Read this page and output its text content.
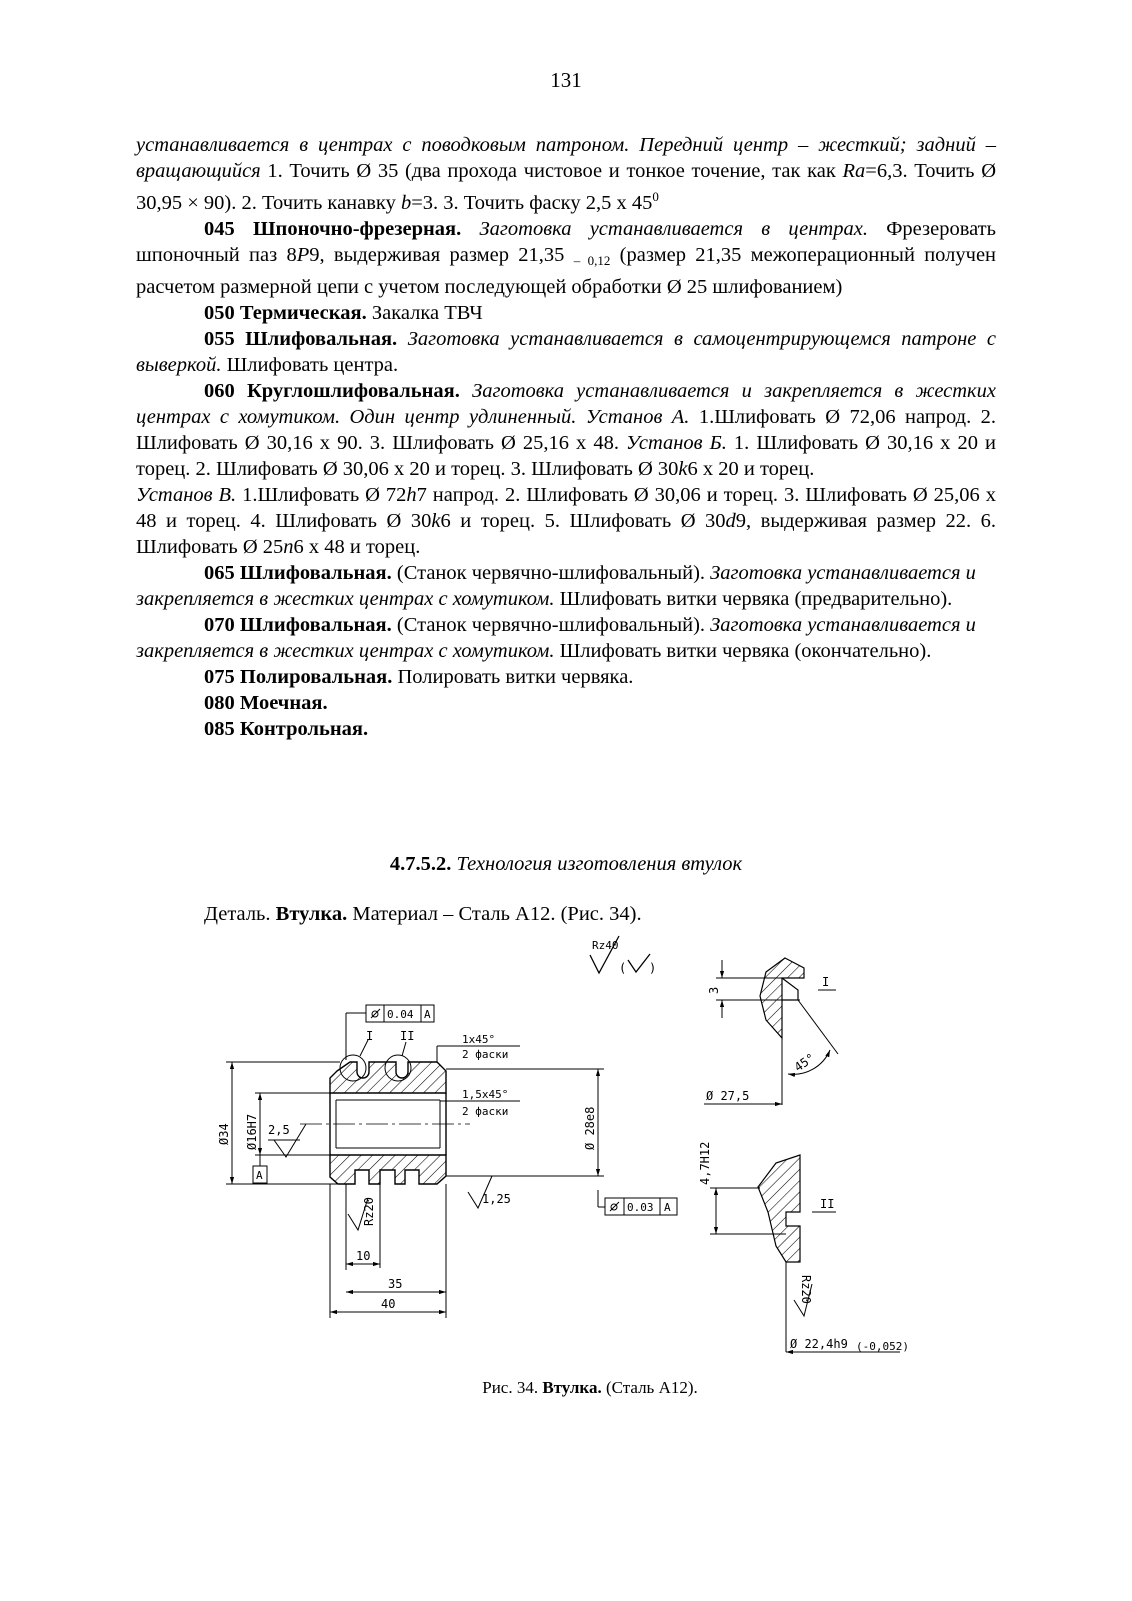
131

устанавливается в центрах с поводковым патроном. Передний центр – жесткий; задний – вращающийся 1. Точить Ø 35 (два прохода чистовое и тонкое точение, так как Ra=6,3. Точить Ø 30,95 × 90). 2. Точить канавку b=3. 3. Точить фаску 2,5 х $45^0$

045 Шпоночно-фрезерная. Заготовка устанавливается в центрах. Фрезеровать шпоночный паз 8P9, выдерживая размер 21,35 $_{- 0,12}$ (размер 21,35 межоперационный получен расчетом размерной цепи с учетом последующей обработки Ø 25 шлифованием)

050 Термическая. Закалка ТВЧ

055 Шлифовальная. Заготовка устанавливается в самоцентрирующемся патроне с выверкой. Шлифовать центра.

060 Круглошлифовальная. Заготовка устанавливается и закрепляется в жестких центрах с хомутиком. Один центр удлиненный. Установ А. 1.Шлифовать Ø 72,06 напрод. 2. Шлифовать Ø 30,16 х 90. 3. Шлифовать Ø 25,16 х 48. Установ Б. 1. Шлифовать Ø 30,16 х 20 и торец. 2. Шлифовать Ø 30,06 х 20 и торец. 3. Шлифовать Ø 30k6 х 20 и торец.

Установ В. 1.Шлифовать Ø 72h7 напрод. 2. Шлифовать Ø 30,06 и торец. 3. Шлифовать Ø 25,06 х 48 и торец. 4. Шлифовать Ø 30k6 и торец. 5. Шлифовать Ø 30d9, выдерживая размер 22. 6. Шлифовать Ø 25n6 х 48 и торец.

065 Шлифовальная. (Станок червячно-шлифовальный). Заготовка устанавливается и закрепляется в жестких центрах с хомутиком. Шлифовать витки червяка (предварительно).

070 Шлифовальная. (Станок червячно-шлифовальный). Заготовка устанавливается и закрепляется в жестких центрах с хомутиком. Шлифовать витки червяка (окончательно).

075 Полировальная. Полировать витки червяка.

080 Моечная.

085 Контрольная.

4.7.5.2. Технология изготовления втулок
Деталь. Втулка. Материал – Сталь А12. (Рис. 34).
Rz40
( )
I II
0.04 A
1x45°
2 фаски
1,5x45°
2 фаски
Ø34 Ø16H7
A
2,5	Ø 28e8
0.03 A
1,25
Rz20
10
35
40
3
I
45°
Ø 27,5
4,7H12
II
Rz20
Ø 22,4h9 (-0,052)
Рис. 34. Втулка. (Сталь А12).
